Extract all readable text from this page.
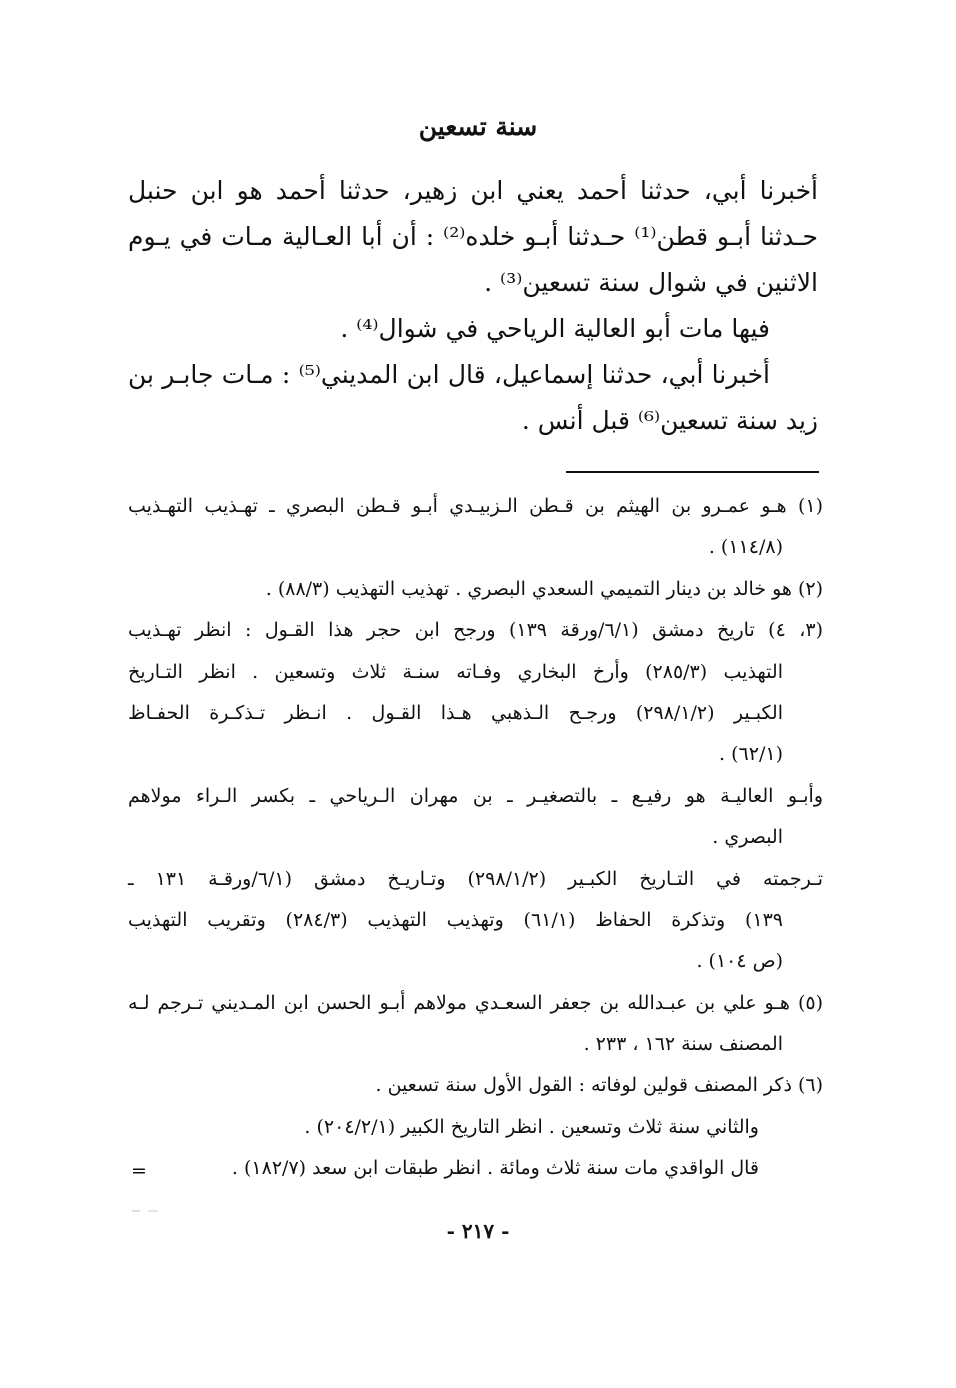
سنة تسعين
أخبرنا أبي، حدثنا أحمد يعني ابن زهير، حدثنا أحمد هو ابن حنبل
حـدثنا أبـو قطن⁽¹⁾ حـدثنا أبـو خلده⁽²⁾ : أن أبا العـالية مـات في يـوم
الاثنين في شوال سنة تسعين⁽³⁾ .
فيها مات أبو العالية الرياحي في شوال⁽⁴⁾ .
أخبرنا أبي، حدثنا إسماعيل، قال ابن المديني⁽⁵⁾ : مـات جابـر بن
زيد سنة تسعين⁽⁶⁾ قبل أنس .
(١) هـو عمـرو بن الهيثم بن قـطن الـزبيـدي أبـو قـطن البصري ـ تهـذيب التهـذيب
(١١٤/٨) .
(٢) هو خالد بن دينار التميمي السعدي البصري . تهذيب التهذيب (٨٨/٣) .
(٣، ٤) تاريخ دمشق (٦/١/ورقة ١٣٩) ورجح ابن حجر هذا القـول : انظر تهـذيب
التهذيب (٢٨٥/٣) وأرخ البخاري وفـاته سنـة ثلاث وتسعين . انظر التـاريخ
الكبـير (٢٩٨/١/٢) ورجـح الـذهبي هـذا القـول . انـظر تـذكـرة الحفـاظ
(٦٢/١) .
وأبـو العاليـة هو رفيـع ـ بالتصغيـر ـ بن مهران الـرياحي ـ بكسر الـراء مولاهم
البصري .
تـرجمته في التـاريخ الكبـير (٢٩٨/١/٢) وتـاريـخ دمشق (٦/١/ورقـة ١٣١ ـ
١٣٩) وتذكرة الحفاظ (٦١/١) وتهذيب التهذيب (٢٨٤/٣) وتقريب التهذيب
(ص ١٠٤) .
(٥) هـو علي بن عبـدالله بن جعفر السعـدي مولاهم أبـو الحسن ابن المـديني تـرجم لـه
المصنف سنة ١٦٢ ، ٢٣٣ .
(٦) ذكر المصنف قولين لوفاته : القول الأول سنة تسعين .
والثاني سنة ثلاث وتسعين . انظر التاريخ الكبير (٢٠٤/٢/١) .
قال الواقدي مات سنة ثلاث ومائة . انظر طبقات ابن سعد (١٨٢/٧) .
=
- ٢١٧ -
